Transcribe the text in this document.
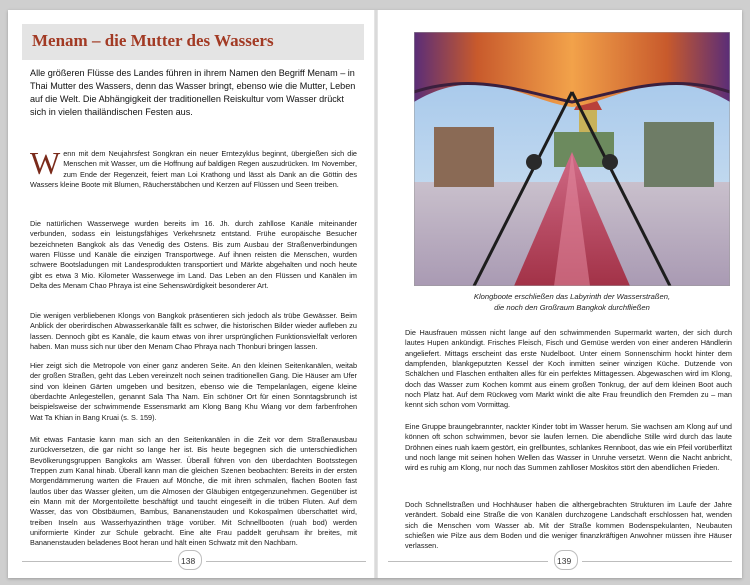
Menam – die Mutter des Wassers
Alle größeren Flüsse des Landes führen in ihrem Namen den Begriff Menam – in Thai Mutter des Wassers, denn das Wasser bringt, ebenso wie die Mutter, Leben auf die Welt. Die Abhängigkeit der traditionellen Reiskultur vom Wasser drückt sich in vielen thailändischen Festen aus.
Wenn mit dem Neujahrsfest Songkran ein neuer Erntezyklus beginnt, übergießen sich die Menschen mit Wasser, um die Hoffnung auf baldigen Regen auszudrücken. Im November, zum Ende der Regenzeit, feiert man Loi Krathong und lässt als Dank an die Göttin des Wassers kleine Boote mit Blumen, Räucherstäbchen und Kerzen auf Flüssen und Seen treiben.
Die natürlichen Wasserwege wurden bereits im 16. Jh. durch zahllose Kanäle miteinander verbunden, sodass ein leistungsfähiges Verkehrsnetz entstand. Frühe europäische Besucher bezeichneten Bangkok als das Venedig des Ostens. Bis zum Ausbau der Straßenverbindungen waren Flüsse und Kanäle die einzigen Transportwege. Auf ihnen reisten die Menschen, wurden schwere Bootsladungen mit Landesprodukten transportiert und Märkte abgehalten und noch heute gibt es etwa 3 Mio. Kilometer Wasserwege im Land. Das Leben an den Flüssen und Kanälen im Delta des Menam Chao Phraya ist eine Sehenswürdigkeit besonderer Art.
Die wenigen verbliebenen Klongs von Bangkok präsentieren sich jedoch als trübe Gewässer. Beim Anblick der oberirdischen Abwasserkanäle fällt es schwer, die historischen Bilder wieder aufleben zu lassen. Dennoch gibt es Kanäle, die kaum etwas von ihrer ursprünglichen Funktionsvielfalt verloren haben. Man muss sich nur über den Menam Chao Phraya nach Thonburi bringen lassen.
Hier zeigt sich die Metropole von einer ganz anderen Seite. An den kleinen Seitenkanälen, weitab der großen Straßen, geht das Leben vereinzelt noch seinen traditionellen Gang. Die Häuser am Ufer sind von kleinen Gärten umgeben und besitzen, ebenso wie die Tempelanlagen, eigene kleine überdachte Anlegestellen, genannt Sala Tha Nam. Ein schöner Ort für einen Sonntagsbrunch ist beispielsweise der schwimmende Essensmarkt am Klong Bang Khu Wiang vor dem farbenfrohen Wat Ta Khian in Bang Kruai (s. S. 159).
Mit etwas Fantasie kann man sich an den Seitenkanälen in die Zeit vor dem Straßenausbau zurückversetzen, die gar nicht so lange her ist. Bis heute begegnen sich die unterschiedlichen Bevölkerungsgruppen Bangkoks am Wasser. Überall führen von den überdachten Bootsstegen Treppen zum Kanal hinab. Überall kann man die gleichen Szenen beobachten: Bereits in der ersten Morgendämmerung warten die Frauen auf Mönche, die mit ihren schmalen, flachen Booten fast lautlos über das Wasser gleiten, um die Almosen der Gläubigen entgegenzunehmen. Gegenüber ist ein Mann mit der Morgentoilette beschäftigt und taucht eingeseift in die trüben Fluten. Auf dem Wasser, das von Obstbäumen, Bambus, Bananenstauden und Kokospalmen überschattet wird, treiben Inseln aus Wasserhyazinthen träge vorüber. Mit Schnellbooten (ruah bod) werden uniformierte Kinder zur Schule gebracht. Eine alte Frau paddelt geruhsam ihr breites, mit Bananenstauden beladenes Boot heran und hält einen Schwatz mit den Nachbarn.
138
Klongboote erschließen das Labyrinth der Wasserstraßen,
die noch den Großraum Bangkok durchfließen
Die Hausfrauen müssen nicht lange auf den schwimmenden Supermarkt warten, der sich durch lautes Hupen ankündigt. Frisches Fleisch, Fisch und Gemüse werden von einer anderen Händlerin angeliefert. Mittags erscheint das erste Nudelboot. Unter einem Sonnenschirm hockt hinter dem dampfenden, blankgeputzten Kessel der Koch inmitten seiner winzigen Küche. Dutzende von Schälchen und Flaschen enthalten alles für ein perfektes Mittagessen. Abgewaschen wird im Klong, doch das Wasser zum Kochen kommt aus einem großen Tonkrug, der auf dem kleinen Boot auch noch Platz hat. Auf dem Rückweg vom Markt winkt die alte Frau freundlich den Fremden zu – man kennt sich schon vom Vormittag.
Eine Gruppe braungebrannter, nackter Kinder tobt im Wasser herum. Sie wachsen am Klong auf und können oft schon schwimmen, bevor sie laufen lernen. Die abendliche Stille wird durch das laute Dröhnen eines ruah kaem gestört, ein grellbuntes, schlankes Rennboot, das wie ein Pfeil vorüberflitzt und noch lange mit seinen hohen Wellen das Wasser in Unruhe versetzt. Wenn die Nacht anbricht, wird es ruhig am Klong, nur noch das Summen zahlloser Moskitos stört den abendlichen Frieden.
Doch Schnellstraßen und Hochhäuser haben die althergebrachten Strukturen im Laufe der Jahre verändert. Sobald eine Straße die von Kanälen durchzogene Landschaft erschlossen hat, wenden sich die Menschen vom Wasser ab. Mit der Straße kommen Bodenspekulanten, Neubauten schießen wie Pilze aus dem Boden und die weniger finanzkräftigen Anwohner müssen ihre Häuser verlassen.
139
